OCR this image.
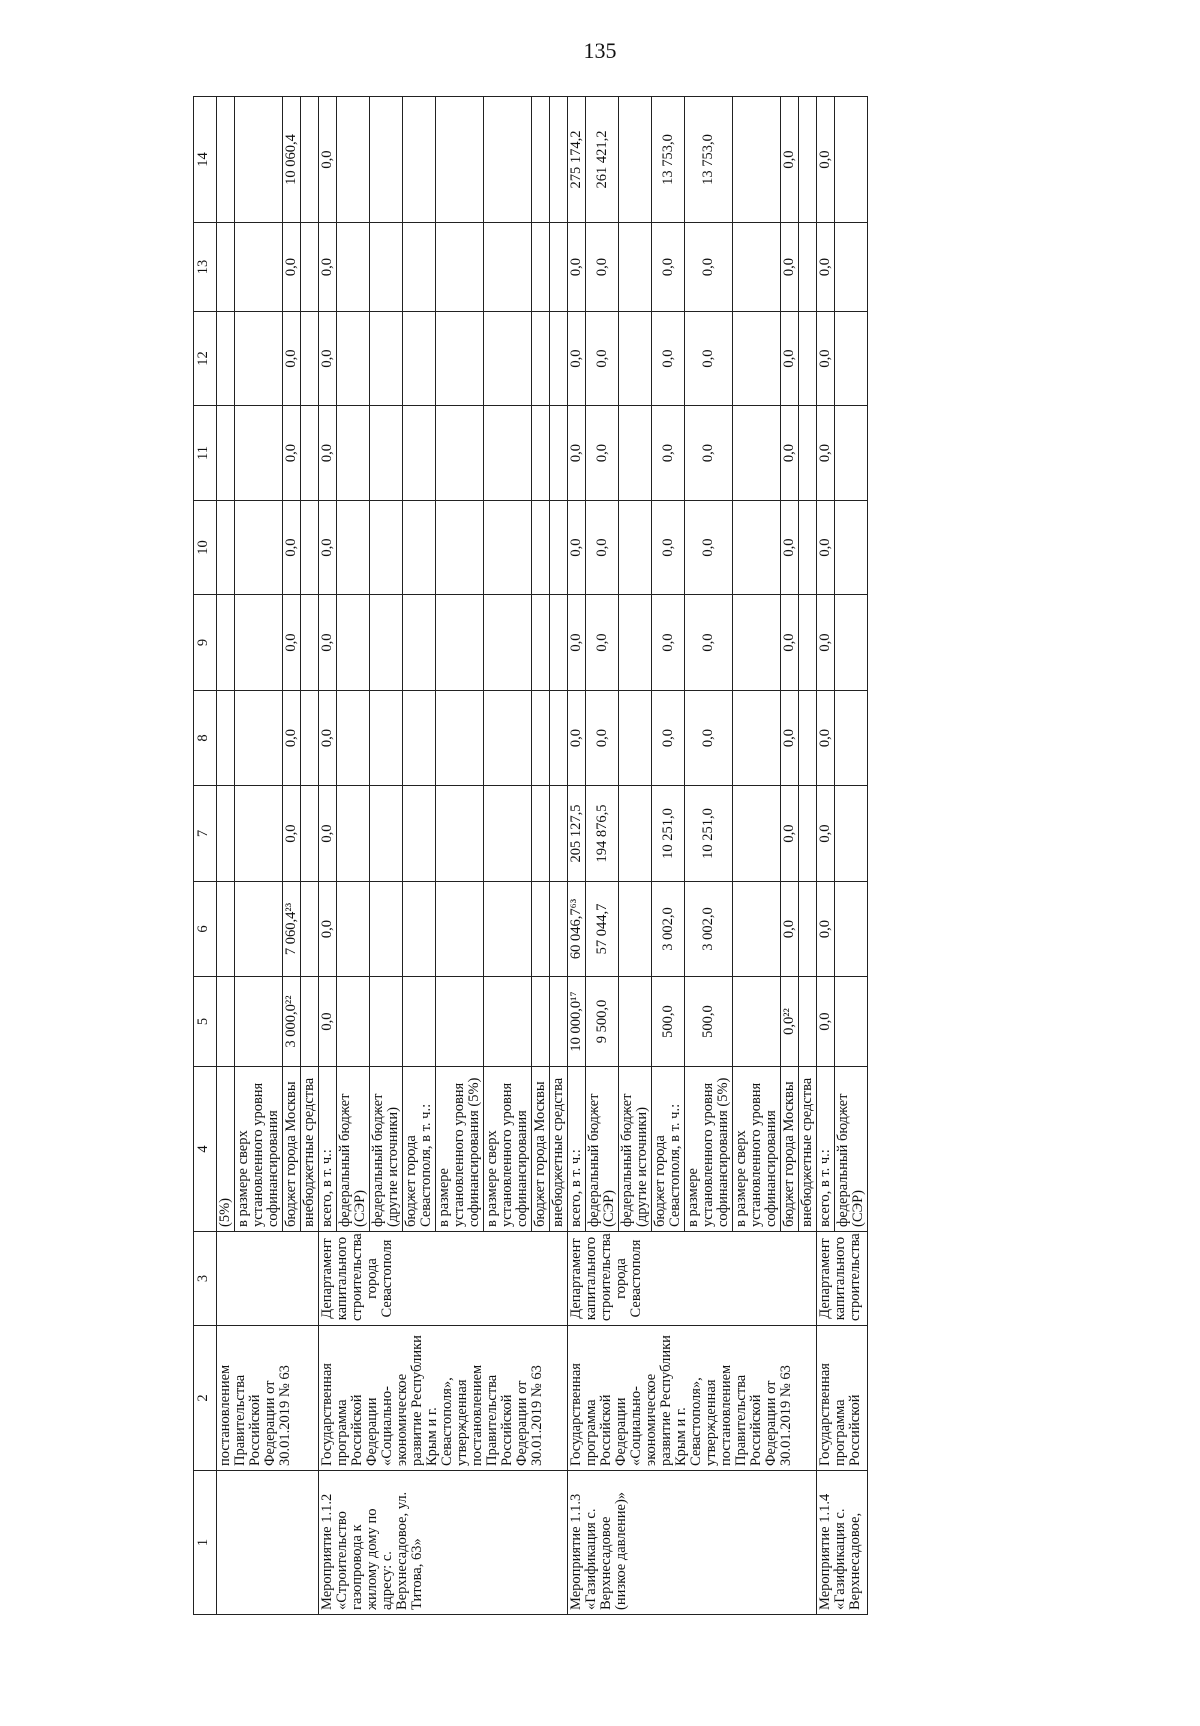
135
1	2	3	4	5	6	7	8	9	10	11	12	13	14
	постановлением Правительства Российской Федерации от 30.01.2019 № 63		(5%)										
			в размере сверх установленного уровня софинансирования										
			бюджет города Москвы	3 000,0²²	7 060,4²³	0,0	0,0	0,0	0,0	0,0	0,0	0,0	10 060,4
			внебюджетные средства										
Мероприятие 1.1.2 «Строительство газопровода к жилому дому по адресу: с. Верхнесадовое, ул. Титова, 63»	Государственная программа Российской Федерации «Социально-экономическое развитие Республики Крым и г. Севастополя», утвержденная постановлением Правительства Российской Федерации от 30.01.2019 № 63	Департамент капитального строительства города Севастополя	всего, в т. ч.:	0,0	0,0	0,0	0,0	0,0	0,0	0,0	0,0	0,0	0,0
			федеральный бюджет (СЭР)										
			федеральный бюджет (другие источники)										
			бюджет города Севастополя, в т. ч.:										
			в размере установленного уровня софинансирования (5%)										
			в размере сверх установленного уровня софинансирования										
			бюджет города Москвы										
			внебюджетные средства										
Мероприятие 1.1.3 «Газификация с. Верхнесадовое (низкое давление)»	Государственная программа Российской Федерации «Социально-экономическое развитие Республики Крым и г. Севастополя», утвержденная постановлением Правительства Российской Федерации от 30.01.2019 № 63	Департамент капитального строительства города Севастополя	всего, в т. ч.:	10 000,0¹⁷	60 046,7⁶³	205 127,5	0,0	0,0	0,0	0,0	0,0	0,0	275 174,2
			федеральный бюджет (СЭР)	9 500,0	57 044,7	194 876,5	0,0	0,0	0,0	0,0	0,0	0,0	261 421,2
			федеральный бюджет (другие источники)										
			бюджет города Севастополя, в т. ч.:	500,0	3 002,0	10 251,0	0,0	0,0	0,0	0,0	0,0	0,0	13 753,0
			в размере установленного уровня софинансирования (5%)	500,0	3 002,0	10 251,0	0,0	0,0	0,0	0,0	0,0	0,0	13 753,0
			в размере сверх установленного уровня софинансирования										
			бюджет города Москвы	0,0²²	0,0	0,0	0,0	0,0	0,0	0,0	0,0	0,0	0,0
			внебюджетные средства										
Мероприятие 1.1.4 «Газификация с. Верхнесадовое,	Государственная программа Российской	Департамент капитального строительства	всего, в т. ч.:	0,0	0,0	0,0	0,0	0,0	0,0	0,0	0,0	0,0	0,0
			федеральный бюджет (СЭР)										
